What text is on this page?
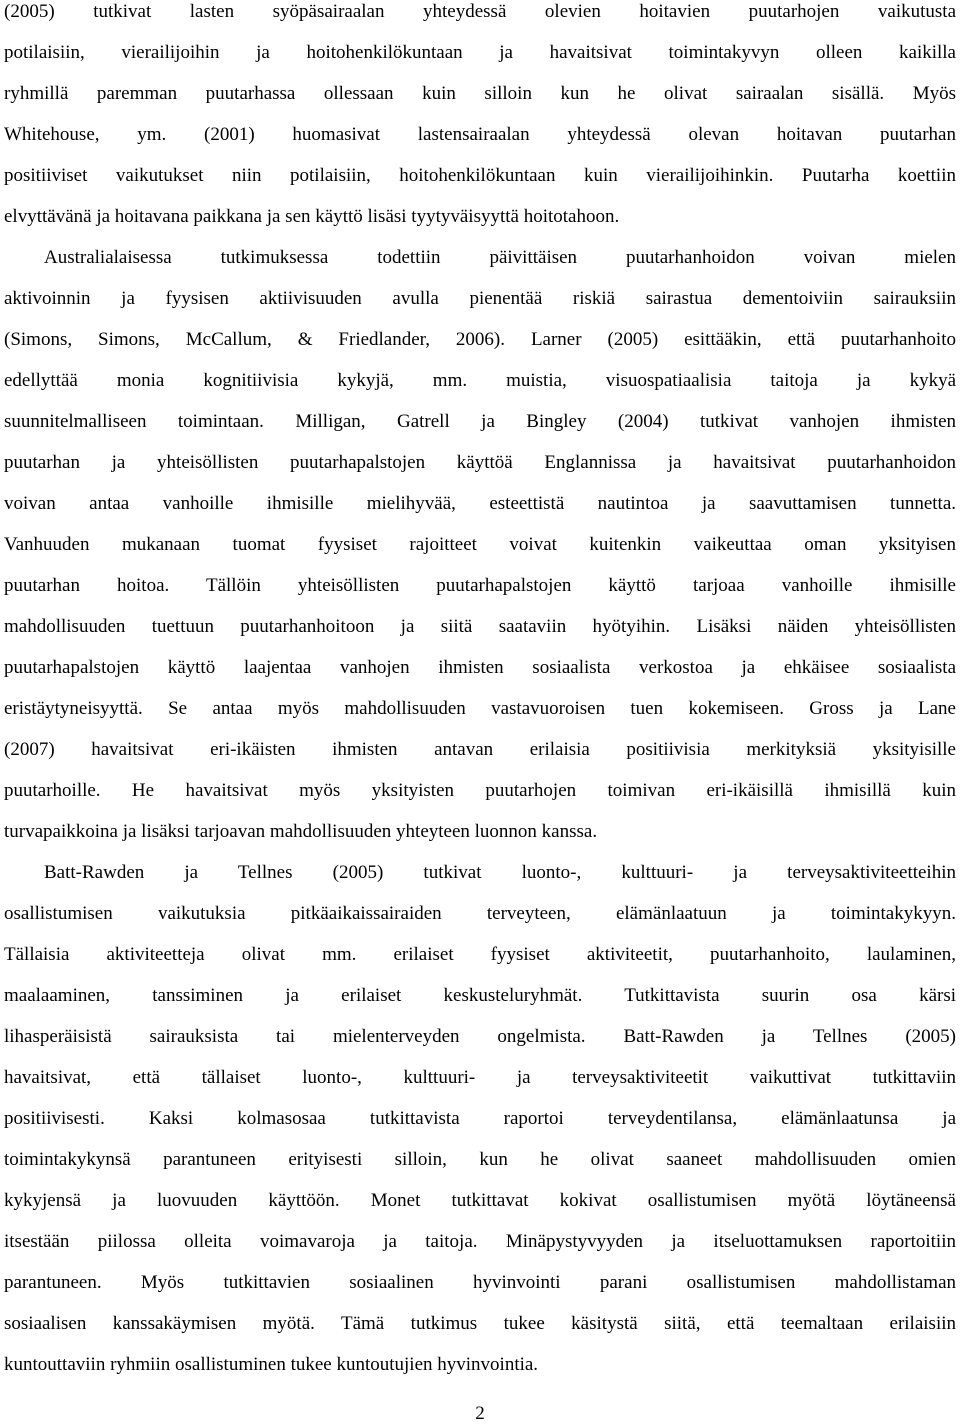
(2005) tutkivat lasten syöpäsairaalan yhteydessä olevien hoitavien puutarhojen vaikutusta
potilaisiin, vierailijoihin ja hoitohenkilökuntaan ja havaitsivat toimintakyvyn olleen kaikilla
ryhmillä paremman puutarhassa ollessaan kuin silloin kun he olivat sairaalan sisällä. Myös
Whitehouse, ym. (2001) huomasivat lastensairaalan yhteydessä olevan hoitavan puutarhan
positiiviset vaikutukset niin potilaisiin, hoitohenkilökuntaan kuin vierailijoihinkin. Puutarha koettiin
elvyttävänä ja hoitavana paikkana ja sen käyttö lisäsi tyytyväisyyttä hoitotahoon.
Australialaisessa tutkimuksessa todettiin päivittäisen puutarhanhoidon voivan mielen
aktivoinnin ja fyysisen aktiivisuuden avulla pienentää riskiä sairastua dementoiviin sairauksiin
(Simons, Simons, McCallum, & Friedlander, 2006). Larner (2005) esittääkin, että puutarhanhoito
edellyttää monia kognitiivisia kykyjä, mm. muistia, visuospatiaalisia taitoja ja kykyä
suunnitelmalliseen toimintaan. Milligan, Gatrell ja Bingley (2004) tutkivat vanhojen ihmisten
puutarhan ja yhteisöllisten puutarhapalstojen käyttöä Englannissa ja havaitsivat puutarhanhoidon
voivan antaa vanhoille ihmisille mielihyvää, esteettistä nautintoa ja saavuttamisen tunnetta.
Vanhuuden mukanaan tuomat fyysiset rajoitteet voivat kuitenkin vaikeuttaa oman yksityisen
puutarhan hoitoa. Tällöin yhteisöllisten puutarhapalstojen käyttö tarjoaa vanhoille ihmisille
mahdollisuuden tuettuun puutarhanhoitoon ja siitä saataviin hyötyihin. Lisäksi näiden yhteisöllisten
puutarhapalstojen käyttö laajentaa vanhojen ihmisten sosiaalista verkostoa ja ehkäisee sosiaalista
eristäytyneisyyttä. Se antaa myös mahdollisuuden vastavuoroisen tuen kokemiseen. Gross ja Lane
(2007) havaitsivat eri-ikäisten ihmisten antavan erilaisia positiivisia merkityksiä yksityisille
puutarhoille. He havaitsivat myös yksityisten puutarhojen toimivan eri-ikäisillä ihmisillä kuin
turvapaikkoina ja lisäksi tarjoavan mahdollisuuden yhteyteen luonnon kanssa.
Batt-Rawden ja Tellnes (2005) tutkivat luonto-, kulttuuri- ja terveysaktiviteetteihin
osallistumisen vaikutuksia pitkäaikaissairaiden terveyteen, elämänlaatuun ja toimintakykyyn.
Tällaisia aktiviteetteja olivat mm. erilaiset fyysiset aktiviteetit, puutarhanhoito, laulaminen,
maalaaminen, tanssiminen ja erilaiset keskusteluryhmät. Tutkittavista suurin osa kärsi
lihasperäisistä sairauksista tai mielenterveyden ongelmista. Batt-Rawden ja Tellnes (2005)
havaitsivat, että tällaiset luonto-, kulttuuri- ja terveysaktiviteetit vaikuttivat tutkittaviin
positiivisesti. Kaksi kolmasosaa tutkittavista raportoi terveydentilansa, elämänlaatunsa ja
toimintakykynsä parantuneen erityisesti silloin, kun he olivat saaneet mahdollisuuden omien
kykyjensä ja luovuuden käyttöön. Monet tutkittavat kokivat osallistumisen myötä löytäneensä
itsestään piilossa olleita voimavaroja ja taitoja. Minäpystyvyyden ja itseluottamuksen raportoitiin
parantuneen. Myös tutkittavien sosiaalinen hyvinvointi parani osallistumisen mahdollistaman
sosiaalisen kanssakäymisen myötä. Tämä tutkimus tukee käsitystä siitä, että teemaltaan erilaisiin
kuntouttaviin ryhmiin osallistuminen tukee kuntoutujien hyvinvointia.
2
